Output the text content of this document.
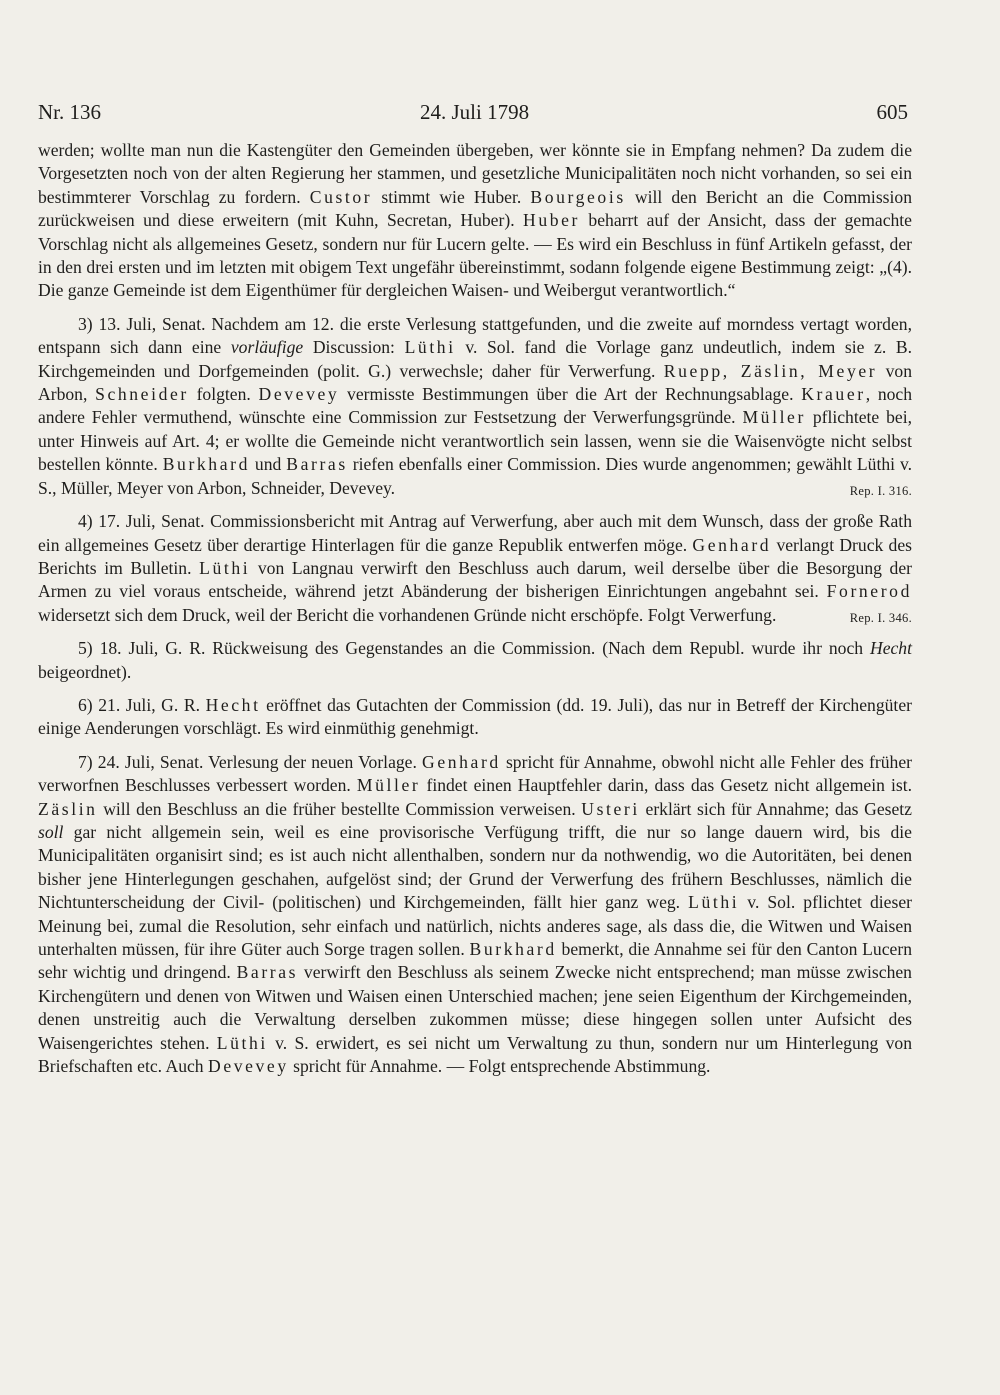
Nr. 136	24. Juli 1798	605

werden; wollte man nun die Kastengüter den Gemeinden übergeben, wer könnte sie in Empfang nehmen? Da zudem die Vorgesetzten noch von der alten Regierung her stammen, und gesetzliche Municipalitäten noch nicht vorhanden, so sei ein bestimmterer Vorschlag zu fordern. Custor stimmt wie Huber. Bourgeois will den Bericht an die Commission zurückweisen und diese erweitern (mit Kuhn, Secretan, Huber). Huber beharrt auf der Ansicht, dass der gemachte Vorschlag nicht als allgemeines Gesetz, sondern nur für Lucern gelte. — Es wird ein Beschluss in fünf Artikeln gefasst, der in den drei ersten und im letzten mit obigem Text ungefähr übereinstimmt, sodann folgende eigene Bestimmung zeigt: „(4). Die ganze Gemeinde ist dem Eigenthümer für dergleichen Waisen- und Weibergut verantwortlich.“

3) 13. Juli, Senat. Nachdem am 12. die erste Verlesung stattgefunden, und die zweite auf morndess vertagt worden, entspann sich dann eine vorläufige Discussion: Lüthi v. Sol. fand die Vorlage ganz undeutlich, indem sie z. B. Kirchgemeinden und Dorfgemeinden (polit. G.) verwechsle; daher für Verwerfung. Ruepp, Zäslin, Meyer von Arbon, Schneider folgten. Devevey vermisste Bestimmungen über die Art der Rechnungsablage. Krauer, noch andere Fehler vermuthend, wünschte eine Commission zur Festsetzung der Verwerfungsgründe. Müller pflichtete bei, unter Hinweis auf Art. 4; er wollte die Gemeinde nicht verantwortlich sein lassen, wenn sie die Waisenvögte nicht selbst bestellen könnte. Burkhard und Barras riefen ebenfalls einer Commission. Dies wurde angenommen; gewählt Lüthi v. S., Müller, Meyer von Arbon, Schneider, Devevey.	Rep. I. 316.

4) 17. Juli, Senat. Commissionsbericht mit Antrag auf Verwerfung, aber auch mit dem Wunsch, dass der große Rath ein allgemeines Gesetz über derartige Hinterlagen für die ganze Republik entwerfen möge. Genhard verlangt Druck des Berichts im Bulletin. Lüthi von Langnau verwirft den Beschluss auch darum, weil derselbe über die Besorgung der Armen zu viel voraus entscheide, während jetzt Abänderung der bisherigen Einrichtungen angebahnt sei. Fornerod widersetzt sich dem Druck, weil der Bericht die vorhandenen Gründe nicht erschöpfe. Folgt Verwerfung.	Rep. I. 346.

5) 18. Juli, G. R. Rückweisung des Gegenstandes an die Commission. (Nach dem Republ. wurde ihr noch Hecht beigeordnet).

6) 21. Juli, G. R. Hecht eröffnet das Gutachten der Commission (dd. 19. Juli), das nur in Betreff der Kirchengüter einige Aenderungen vorschlägt. Es wird einmüthig genehmigt.

7) 24. Juli, Senat. Verlesung der neuen Vorlage. Genhard spricht für Annahme, obwohl nicht alle Fehler des früher verworfnen Beschlusses verbessert worden. Müller findet einen Hauptfehler darin, dass das Gesetz nicht allgemein ist. Zäslin will den Beschluss an die früher bestellte Commission verweisen. Usteri erklärt sich für Annahme; das Gesetz soll gar nicht allgemein sein, weil es eine provisorische Verfügung trifft, die nur so lange dauern wird, bis die Municipalitäten organisirt sind; es ist auch nicht allenthalben, sondern nur da nothwendig, wo die Autoritäten, bei denen bisher jene Hinterlegungen geschahen, aufgelöst sind; der Grund der Verwerfung des frühern Beschlusses, nämlich die Nichtunterscheidung der Civil- (politischen) und Kirchgemeinden, fällt hier ganz weg. Lüthi v. Sol. pflichtet dieser Meinung bei, zumal die Resolution, sehr einfach und natürlich, nichts anderes sage, als dass die, die Witwen und Waisen unterhalten müssen, für ihre Güter auch Sorge tragen sollen. Burkhard bemerkt, die Annahme sei für den Canton Lucern sehr wichtig und dringend. Barras verwirft den Beschluss als seinem Zwecke nicht entsprechend; man müsse zwischen Kirchengütern und denen von Witwen und Waisen einen Unterschied machen; jene seien Eigenthum der Kirchgemeinden, denen unstreitig auch die Verwaltung derselben zukommen müsse; diese hingegen sollen unter Aufsicht des Waisengerichtes stehen. Lüthi v. S. erwidert, es sei nicht um Verwaltung zu thun, sondern nur um Hinterlegung von Briefschaften etc. Auch Devevey spricht für Annahme. — Folgt entsprechende Abstimmung.
